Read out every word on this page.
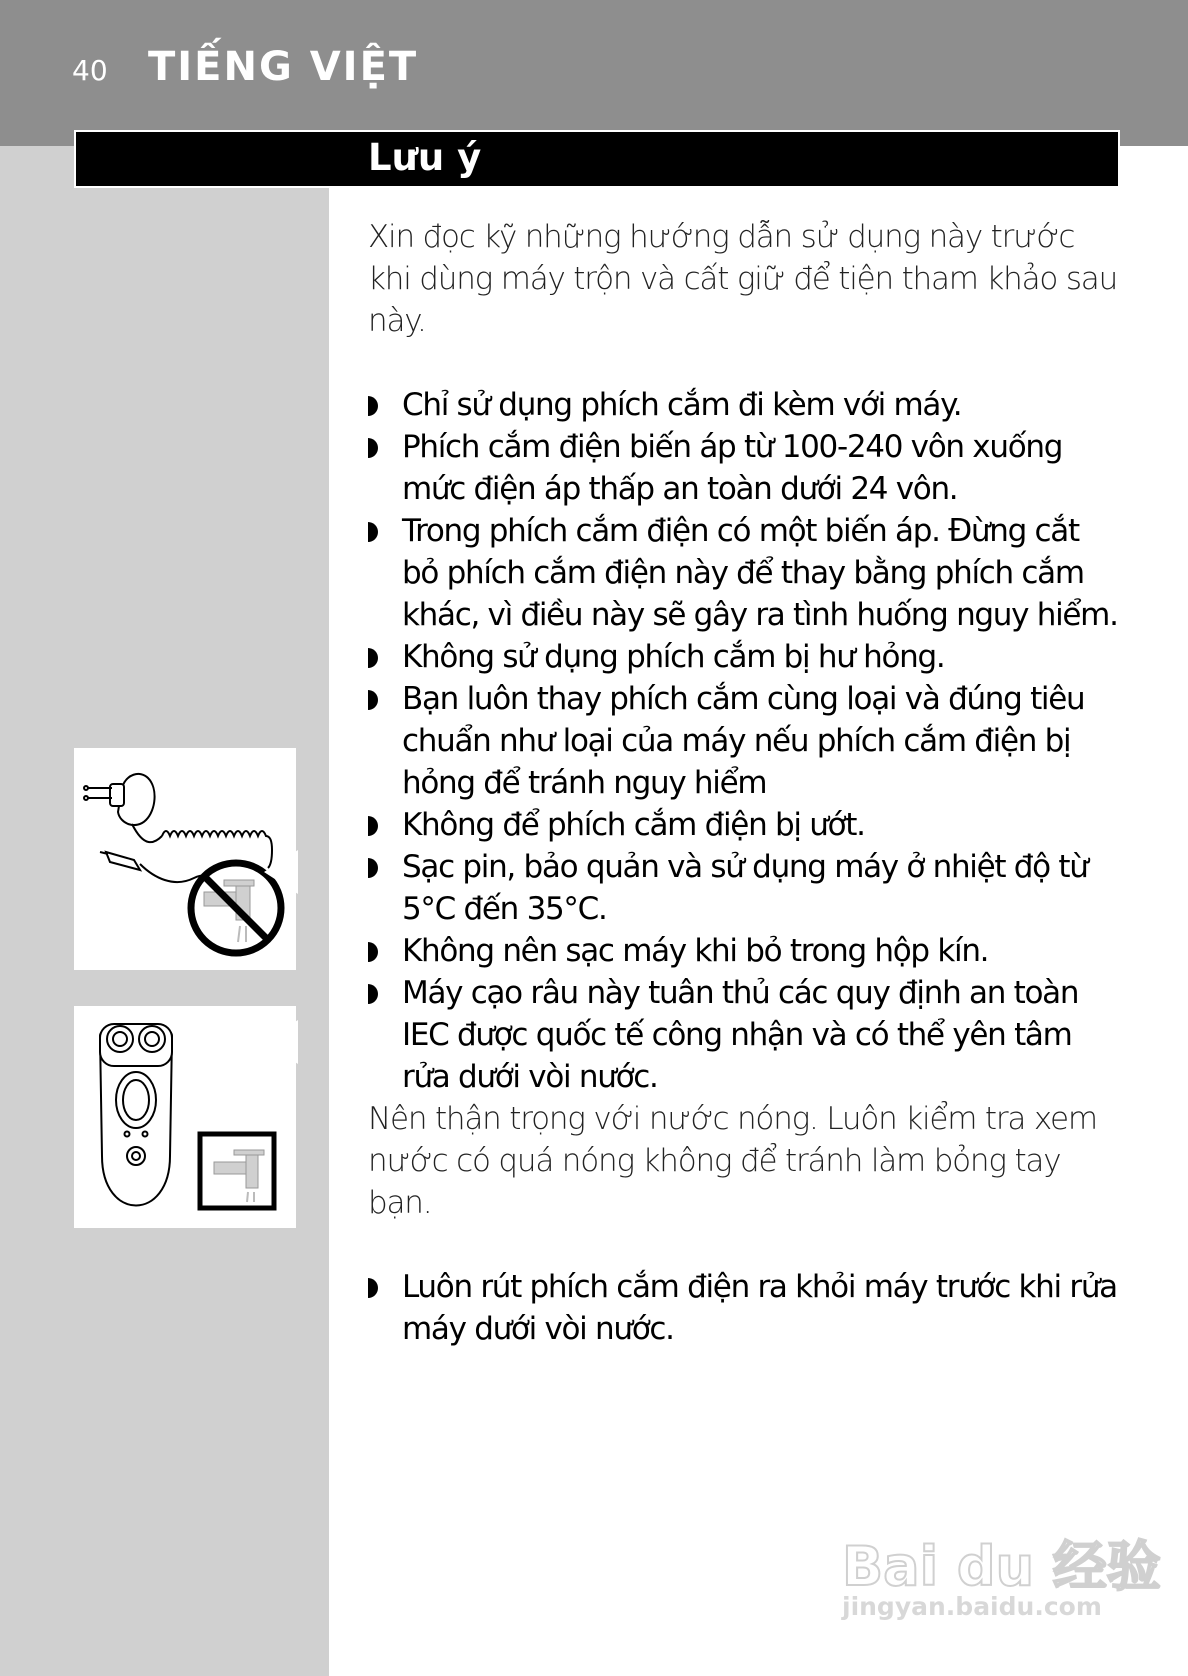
40 TIẾNG VIỆT
Lưu ý

Xin đọc kỹ những hướng dẫn sử dụng này trước khi dùng máy trộn và cất giữ để tiện tham khảo sau này.

Chỉ sử dụng phích cắm đi kèm với máy.
Phích cắm điện biến áp từ 100-240 vôn xuống mức điện áp thấp an toàn dưới 24 vôn.
Trong phích cắm điện có một biến áp. Đừng cắt bỏ phích cắm điện này để thay bằng phích cắm khác, vì điều này sẽ gây ra tình huống nguy hiểm.
Không sử dụng phích cắm bị hư hỏng.
Bạn luôn thay phích cắm cùng loại và đúng tiêu chuẩn như loại của máy nếu phích cắm điện bị hỏng để tránh nguy hiểm
Không để phích cắm điện bị ướt.
Sạc pin, bảo quản và sử dụng máy ở nhiệt độ từ 5°C đến 35°C.
Không nên sạc máy khi bỏ trong hộp kín.
Máy cạo râu này tuân thủ các quy định an toàn IEC được quốc tế công nhận và có thể yên tâm rửa dưới vòi nước.

Nên thận trọng với nước nóng. Luôn kiểm tra xem nước có quá nóng không để tránh làm bỏng tay bạn.

Luôn rút phích cắm điện ra khỏi máy trước khi rửa máy dưới vòi nước.
Bai du 经验
jingyan.baidu.com
